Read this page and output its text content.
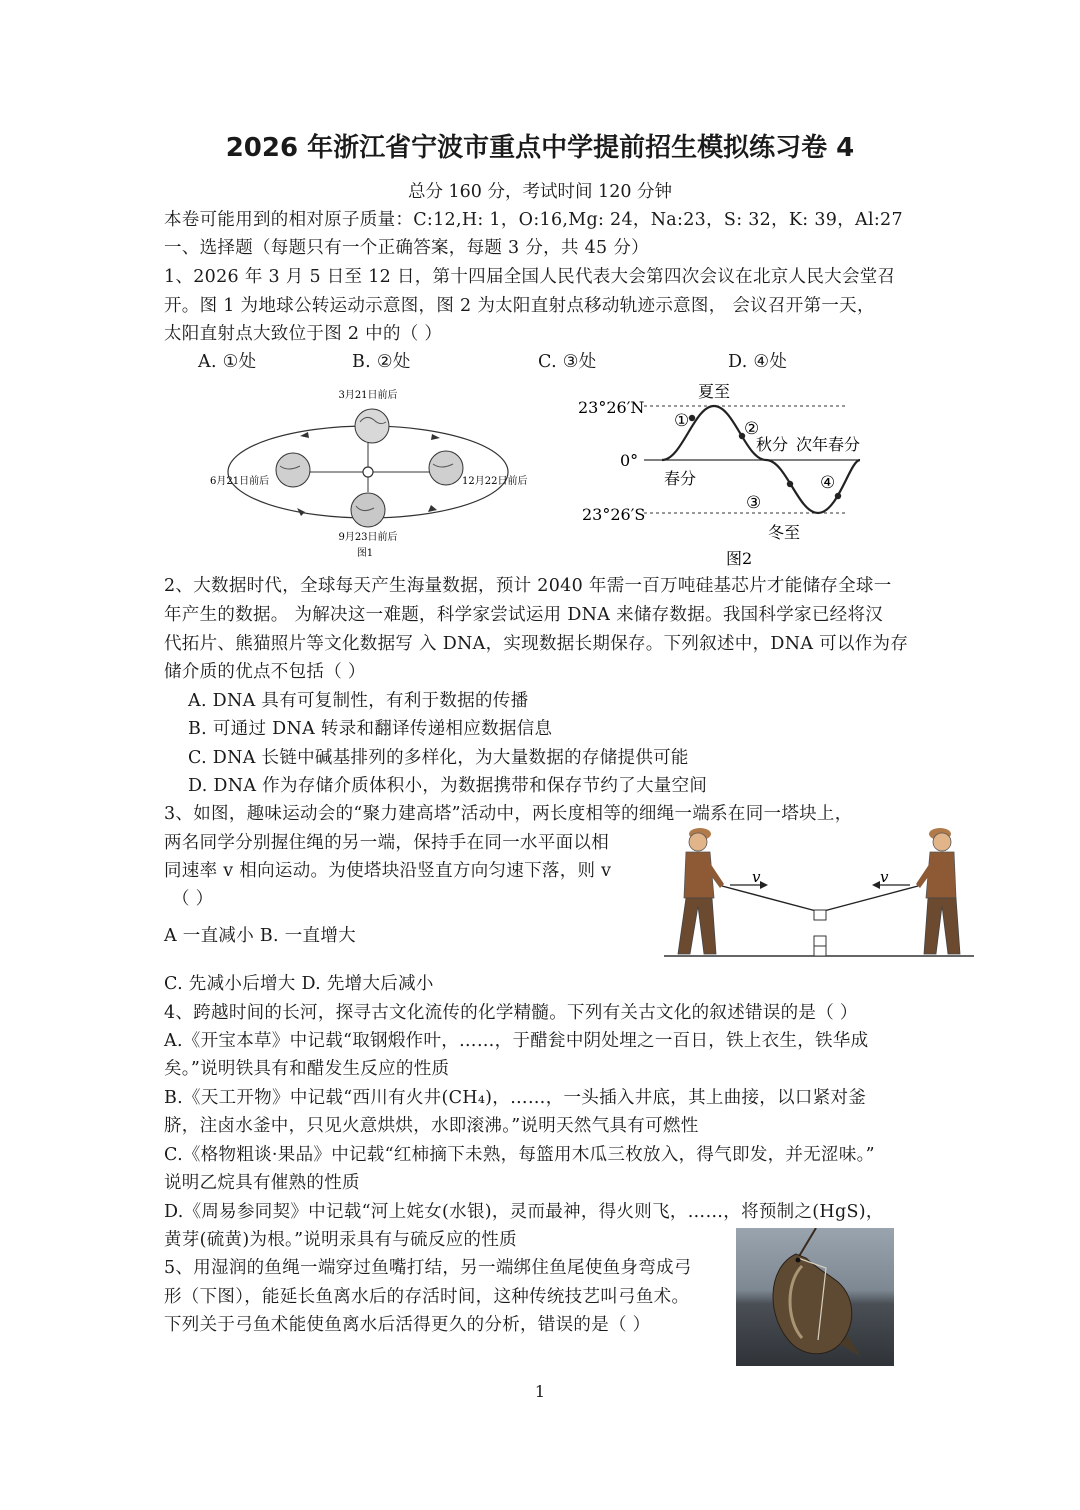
2026 年浙江省宁波市重点中学提前招生模拟练习卷 4
总分 160 分，考试时间 120 分钟
本卷可能用到的相对原子质量：C:12,H: 1，O:16,Mg: 24，Na:23，S: 32，K: 39，Al:27
一、选择题（每题只有一个正确答案，每题 3 分，共 45 分）
1、2026 年 3 月 5 日至 12 日，第十四届全国人民代表大会第四次会议在北京人民大会堂召
开。图 1 为地球公转运动示意图，图 2 为太阳直射点移动轨迹示意图， 会议召开第一天，
太阳直射点大致位于图 2 中的（ ）
A. ①处	B. ②处	C. ③处	D. ④处
3月21日前后
6月21日前后	12月22日前后
9月23日前后
图1
23°26′N
0°
23°26′S
夏至
秋分 次年春分
春分
冬至
①	②
③
④
图2
2、大数据时代，全球每天产生海量数据，预计 2040 年需一百万吨硅基芯片才能储存全球一
年产生的数据。 为解决这一难题，科学家尝试运用 DNA 来储存数据。我国科学家已经将汉
代拓片、熊猫照片等文化数据写 入 DNA，实现数据长期保存。下列叙述中，DNA 可以作为存
储介质的优点不包括（ ）
A. DNA 具有可复制性，有利于数据的传播
B. 可通过 DNA 转录和翻译传递相应数据信息
C. DNA 长链中碱基排列的多样化，为大量数据的存储提供可能
D. DNA 作为存储介质体积小，为数据携带和保存节约了大量空间
3、如图，趣味运动会的“聚力建高塔”活动中，两长度相等的细绳一端系在同一塔块上，
两名同学分别握住绳的另一端，保持手在同一水平面以相
同速率 v 相向运动。为使塔块沿竖直方向匀速下落，则 v
（ ）
A 一直减小 B. 一直增大
C. 先减小后增大 D. 先增大后减小
v	v
4、跨越时间的长河，探寻古文化流传的化学精髓。下列有关古文化的叙述错误的是（ ）
A.《开宝本草》中记载“取钢煅作叶，……，于醋瓮中阴处埋之一百日，铁上衣生，铁华成
矣。”说明铁具有和醋发生反应的性质
B.《天工开物》中记载“西川有火井(CH₄)，……，一头插入井底，其上曲接，以口紧对釜
脐，注卤水釜中，只见火意烘烘，水即滚沸。”说明天然气具有可燃性
C.《格物粗谈·果品》中记载“红柿摘下未熟，每篮用木瓜三枚放入，得气即发，并无涩味。”
说明乙烷具有催熟的性质
D.《周易参同契》中记载“河上姹女(水银)，灵而最神，得火则飞，……，将预制之(HgS)，
黄芽(硫黄)为根。”说明汞具有与硫反应的性质
5、用湿润的鱼绳一端穿过鱼嘴打结，另一端绑住鱼尾使鱼身弯成弓
形（下图），能延长鱼离水后的存活时间，这种传统技艺叫弓鱼术。
下列关于弓鱼术能使鱼离水后活得更久的分析，错误的是（ ）
1
